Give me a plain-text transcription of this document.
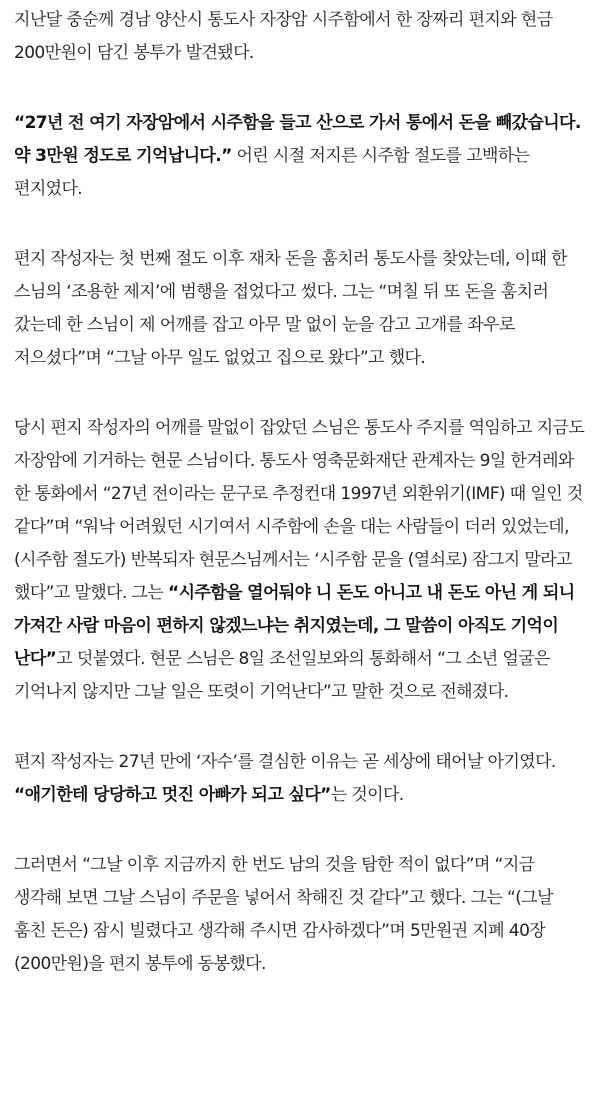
지난달 중순께 경남 양산시 통도사 자장암 시주함에서 한 장짜리 편지와 현금 200만원이 담긴 봉투가 발견됐다.

“27년 전 여기 자장암에서 시주함을 들고 산으로 가서 통에서 돈을 빼갔습니다. 약 3만원 정도로 기억납니다.” 어린 시절 저지른 시주함 절도를 고백하는 편지였다.

편지 작성자는 첫 번째 절도 이후 재차 돈을 훔치러 통도사를 찾았는데, 이때 한 스님의 ‘조용한 제지’에 범행을 접었다고 썼다. 그는 “며칠 뒤 또 돈을 훔치러 갔는데 한 스님이 제 어깨를 잡고 아무 말 없이 눈을 감고 고개를 좌우로 저으셨다”며 “그날 아무 일도 없었고 집으로 왔다”고 했다.

당시 편지 작성자의 어깨를 말없이 잡았던 스님은 통도사 주지를 역임하고 지금도 자장암에 기거하는 현문 스님이다. 통도사 영축문화재단 관계자는 9일 한겨레와 한 통화에서 “27년 전이라는 문구로 추정컨대 1997년 외환위기(IMF) 때 일인 것 같다”며 “워낙 어려웠던 시기여서 시주함에 손을 대는 사람들이 더러 있었는데, (시주함 절도가) 반복되자 현문스님께서는 ‘시주함 문을 (열쇠로) 잠그지 말라고 했다”고 말했다. 그는 “시주함을 열어둬야 니 돈도 아니고 내 돈도 아닌 게 되니 가져간 사람 마음이 편하지 않겠느냐는 취지였는데, 그 말씀이 아직도 기억이 난다”고 덧붙였다. 현문 스님은 8일 조선일보와의 통화해서 “그 소년 얼굴은 기억나지 않지만 그날 일은 또렷이 기억난다”고 말한 것으로 전해졌다.

편지 작성자는 27년 만에 ‘자수’를 결심한 이유는 곧 세상에 태어날 아기였다. “애기한테 당당하고 멋진 아빠가 되고 싶다”는 것이다.

그러면서 “그날 이후 지금까지 한 번도 남의 것을 탐한 적이 없다”며 “지금 생각해 보면 그날 스님이 주문을 넣어서 착해진 것 같다”고 했다. 그는 “(그날 훔친 돈은) 잠시 빌렸다고 생각해 주시면 감사하겠다”며 5만원권 지폐 40장(200만원)을 편지 봉투에 동봉했다.
